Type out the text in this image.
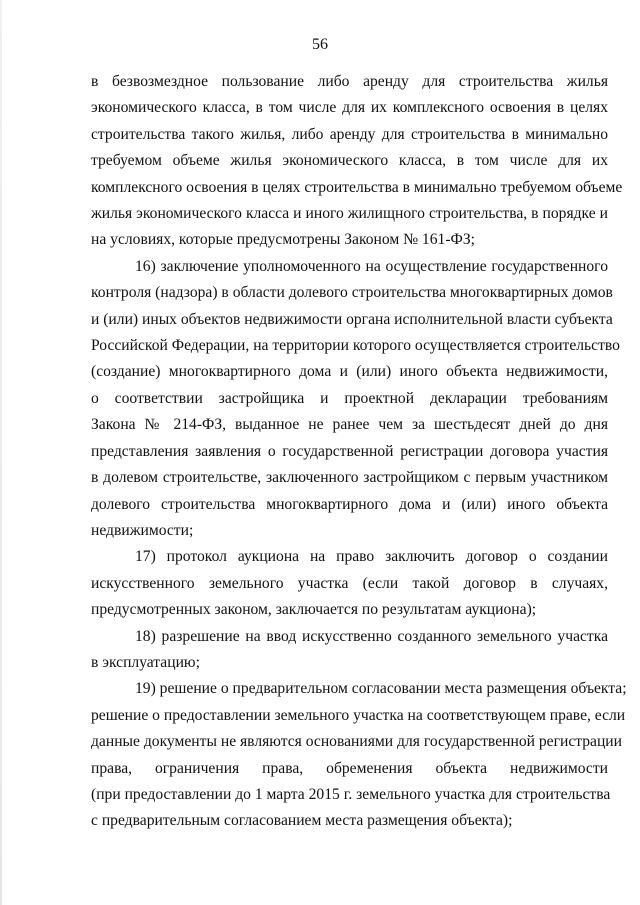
56

в безвозмездное пользование либо аренду для строительства жилья
экономического класса, в том числе для их комплексного освоения в целях
строительства такого жилья, либо аренду для строительства в минимально
требуемом объеме жилья экономического класса, в том числе для их
комплексного освоения в целях строительства в минимально требуемом объеме
жилья экономического класса и иного жилищного строительства, в порядке и
на условиях, которые предусмотрены Законом № 161-ФЗ;

16) заключение уполномоченного на осуществление государственного
контроля (надзора) в области долевого строительства многоквартирных домов
и (или) иных объектов недвижимости органа исполнительной власти субъекта
Российской Федерации, на территории которого осуществляется строительство
(создание) многоквартирного дома и (или) иного объекта недвижимости,
о соответствии застройщика и проектной декларации требованиям
Закона № 214-ФЗ, выданное не ранее чем за шестьдесят дней до дня
представления заявления о государственной регистрации договора участия
в долевом строительстве, заключенного застройщиком с первым участником
долевого строительства многоквартирного дома и (или) иного объекта
недвижимости;

17) протокол аукциона на право заключить договор о создании
искусственного земельного участка (если такой договор в случаях,
предусмотренных законом, заключается по результатам аукциона);

18) разрешение на ввод искусственно созданного земельного участка
в эксплуатацию;

19) решение о предварительном согласовании места размещения объекта;
решение о предоставлении земельного участка на соответствующем праве, если
данные документы не являются основаниями для государственной регистрации
права, ограничения права, обременения объекта недвижимости
(при предоставлении до 1 марта 2015 г. земельного участка для строительства
с предварительным согласованием места размещения объекта);
